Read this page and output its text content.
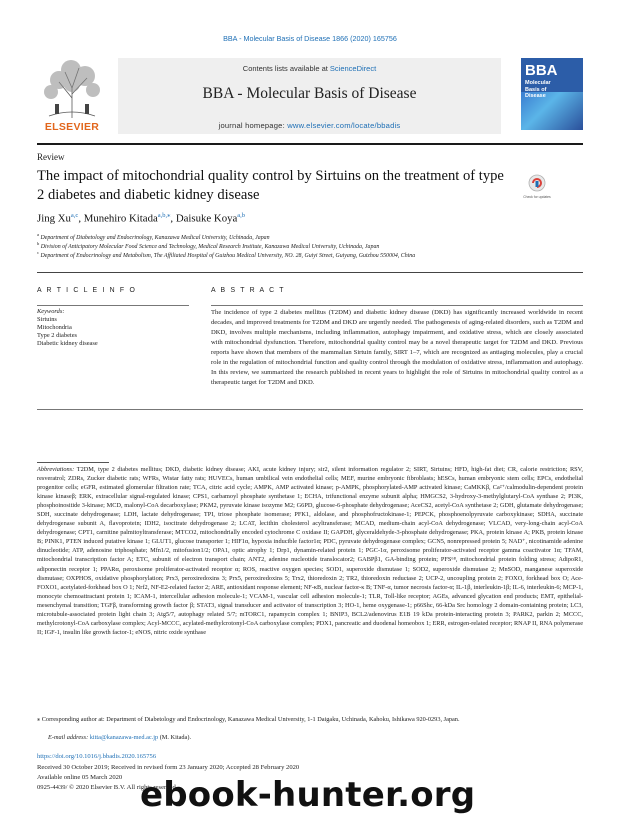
BBA - Molecular Basis of Disease 1866 (2020) 165756
ELSEVIER
Contents lists available at ScienceDirect
BBA - Molecular Basis of Disease
journal homepage: www.elsevier.com/locate/bbadis
BBA
Molecular
Basis of
Disease
Review
The impact of mitochondrial quality control by Sirtuins on the treatment of type 2 diabetes and diabetic kidney disease	Check for updates
Jing Xu$^{a,c}$, Munehiro Kitada$^{a,b,⁎}$, Daisuke Koya$^{a,b}$
$^a$ Department of Diabetology and Endocrinology, Kanazawa Medical University, Uchinada, Japan
$^b$ Division of Anticipatory Molecular Food Science and Technology, Medical Research Institute, Kanazawa Medical University, Uchinada, Japan
$^c$ Department of Endocrinology and Metabolism, The Affiliated Hospital of Guizhou Medical University, NO. 28, Guiyi Street, Guiyang, Guizhou 550004, China
A R T I C L E I N F O	A B S T R A C T
Keywords:
Sirtuins
Mitochondria
Type 2 diabetes
Diabetic kidney disease
The incidence of type 2 diabetes mellitus (T2DM) and diabetic kidney disease (DKD) has significantly increased worldwide in recent decades, and improved treatments for T2DM and DKD are urgently needed. The pathogenesis of aging-related disorders, such as T2DM and DKD, involves multiple mechanisms, including inflammation, autophagy impairment, and oxidative stress, which are closely associated with mitochondrial dysfunction. Therefore, mitochondrial quality control may be a novel therapeutic target for T2DM and DKD. Previous reports have shown that members of the mammalian Sirtuin family, SIRT 1–7, which are recognized as antiaging molecules, play a crucial role in the regulation of mitochondrial function and quality control through the modulation of oxidative stress, inflammation and autophagy. In this review, we summarized the research published in recent years to highlight the role of Sirtuins in mitochondrial quality control as a therapeutic target for T2DM and DKD.
Abbreviations: T2DM, type 2 diabetes mellitus; DKD, diabetic kidney disease; AKI, acute kidney injury; sir2, silent information regulator 2; SIRT, Sirtuins; HFD, high-fat diet; CR, calorie restriction; RSV, resveratrol; ZDRs, Zucker diabetic rats; WFRs, Wistar fatty rats; HUVECs, human umbilical vein endothelial cells; MEF, murine embryonic fibroblasts; hESCs, human embryonic stem cells; EPCs, endothelial progenitor cells; eGFR, estimated glomerular filtration rate; TCA, citric acid cycle; AMPK, AMP activated kinase; p-AMPK, phosphorylated-AMP activated kinase; CaMKKβ, Ca²⁺/calmodulin-dependent protein kinase kinaseβ; ERK, extracellular signal-regulated kinase; CPS1, carbamoyl phosphate synthetase 1; ECHA, trifunctional enzyme subunit alpha; HMGCS2, 3-hydroxy-3-methylglutaryl-CoA synthase 2; PI3K, phosphoinositide 3-kinase; MCD, malonyl-CoA decarboxylase; PKM2, pyruvate kinase isozyme M2; G6PD, glucose-6-phosphate dehydrogenase; AceCS2, acetyl-CoA synthetase 2; GDH, glutamate dehydrogenase; SDH, succinate dehydrogenase; LDH, lactate dehydrogenase; TPI, triose phosphate isomerase; PFK1, aldolase, and phosphofructokinase-1; PEPCK, phosphoenolpyruvate carboxykinase; SDHA, succinate dehydrogenase subunit A, flavoprotein; IDH2, isocitrate dehydrogenase 2; LCAT, lecithin cholesterol acyltransferase; MCAD, medium-chain acyl-CoA dehydrogenase; VLCAD, very-long-chain acyl-CoA dehydrogenase; CPT1, carnitine palmitoyltransferase; MTCO2, mitochondrially encoded cytochrome C oxidase II; GAPDH, glyceraldehyde-3-phosphate dehydrogenase; PKA, protein kinase A; PKB, protein kinase B; PINK1, PTEN induced putative kinase 1; GLUT1, glucose transporter 1; HIF1α, hypoxia inducible factor1α; PDC, pyruvate dehydrogenase complex; GCN5, nonrepressed protein 5; NAD⁺, nicotinamide adenine dinucleotide; ATP, adenosine triphosphate; Mfn1/2, mitofusion1/2; OPA1, optic atrophy 1; Drp1, dynamin-related protein 1; PGC-1α, peroxisome proliferator-activated receptor gamma coactivator 1α; TFAM, mitochondrial transcription factor A; ETC, subunit of electron transport chain; ANT2, adenine nucleotide translocator2; GABPβ1, GA-binding protein; PFS⁶⁸, mitochondrial protein folding stress; AdipoR1, adiponectin receptor 1; PPARα, peroxisome proliferator-activated receptor α; ROS, reactive oxygen species; SOD1, superoxide dismutase 1; SOD2, superoxide dismutase 2; MnSOD, manganese superoxide dismutase; OXPHOS, oxidative phosphorylation; Prx3, peroxiredoxins 3; Prx5, peroxiredoxins 5; Trx2, thioredoxin 2; TR2, thioredoxin reductase 2; UCP-2, uncoupling protein 2; FOXO, forkhead box O; Ace-FOXO1, acetylated-forkhead box O 1; Nrf2, NF-E2-related factor 2; ARE, antioxidant response element; NF-κB, nuclear factor-κ B; TNF-α, tumor necrosis factor-α; IL-1β, interleukin-1β; IL-6, interleukin-6; MCP-1, monocyte chemoattractant protein 1; ICAM-1, intercellular adhesion molecule-1; VCAM-1, vascular cell adhesion molecule-1; TLR, Toll-like receptor; AGEs, advanced glycation end products; EMT, epithelial-mesenchymal transition; TGFβ, transforming growth factor β; STAT3, signal transducer and activator of transcription 3; HO-1, heme oxygenase-1; p66Shc, 66-kDa Src homology 2 domain-containing protein; LC3, microtubule-associated protein light chain 3; Atg5/7, autophagy related 5/7; mTORC1, rapamycin complex 1; BNIP3, BCL2/adenovirus E1B 19 kDa protein-interacting protein 3; PARK2, parkin 2; MCCC, methylcrotonyl-CoA carboxylase complex; Acyl-MCCC, acylated-methylcrotonyl-CoA carboxylase complex; PDX1, pancreatic and duodenal homeobox 1; ERR, estrogen-related receptor; RNAP II, RNA polymerase II; IGF-1, insulin like growth factor-1; eNOS, nitric oxide synthase
⁎ Corresponding author at: Department of Diabetology and Endocrinology, Kanazawa Medical University, 1-1 Daigaku, Uchinada, Kahoku, Ishikawa 920-0293, Japan.
E-mail address: kitta@kanazawa-med.ac.jp (M. Kitada).
https://doi.org/10.1016/j.bbadis.2020.165756
Received 30 October 2019; Received in revised form 23 January 2020; Accepted 28 February 2020
Available online 05 March 2020
0925-4439/ © 2020 Elsevier B.V. All rights reserved.
ebook-hunter.org
